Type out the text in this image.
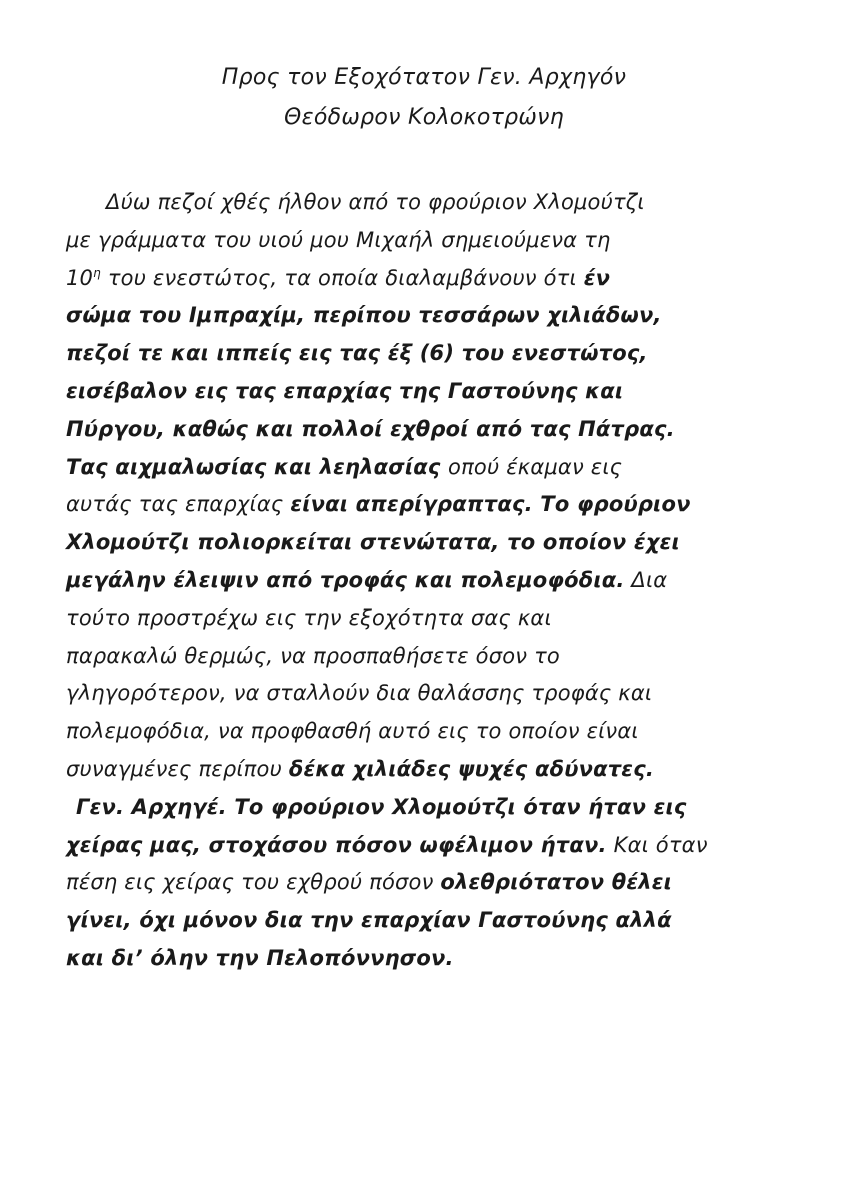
Προς τον Εξοχότατον Γεν. Αρχηγόν
Θεόδωρον Κολοκοτρώνη
Δύω πεζοί χθές ήλθον από το φρούριον Χλομούτζι
με γράμματα του υιού μου Μιχαήλ σημειούμενα τη
$10^\eta$ του ενεστώτος, τα οποία διαλαμβάνουν ότι έν
σώμα του Ιμπραχίμ, περίπου τεσσάρων χιλιάδων,
πεζοί τε και ιππείς εις τας έξ (6) του ενεστώτος,
εισέβαλον εις τας επαρχίας της Γαστούνης και
Πύργου, καθώς και πολλοί εχθροί από τας Πάτρας.
Τας αιχμαλωσίας και λεηλασίας οπού έκαμαν εις
αυτάς τας επαρχίας είναι απερίγραπτας. Το φρούριον
Χλομούτζι πολιορκείται στενώτατα, το οποίον έχει
μεγάλην έλειψιν από τροφάς και πολεμοφόδια. Δια
τούτο προστρέχω εις την εξοχότητα σας και
παρακαλώ θερμώς, να προσπαθήσετε όσον το
γληγορότερον, να σταλλούν δια θαλάσσης τροφάς και
πολεμοφόδια, να προφθασθή αυτό εις το οποίον είναι
συναγμένες περίπου δέκα χιλιάδες ψυχές αδύνατες.
Γεν. Αρχηγέ. Το φρούριον Χλομούτζι όταν ήταν εις
χείρας μας, στοχάσου πόσον ωφέλιμον ήταν. Και όταν
πέση εις χείρας του εχθρού πόσον ολεθριότατον θέλει
γίνει, όχι μόνον δια την επαρχίαν Γαστούνης αλλά
και δι’ όλην την Πελοπόννησον.
